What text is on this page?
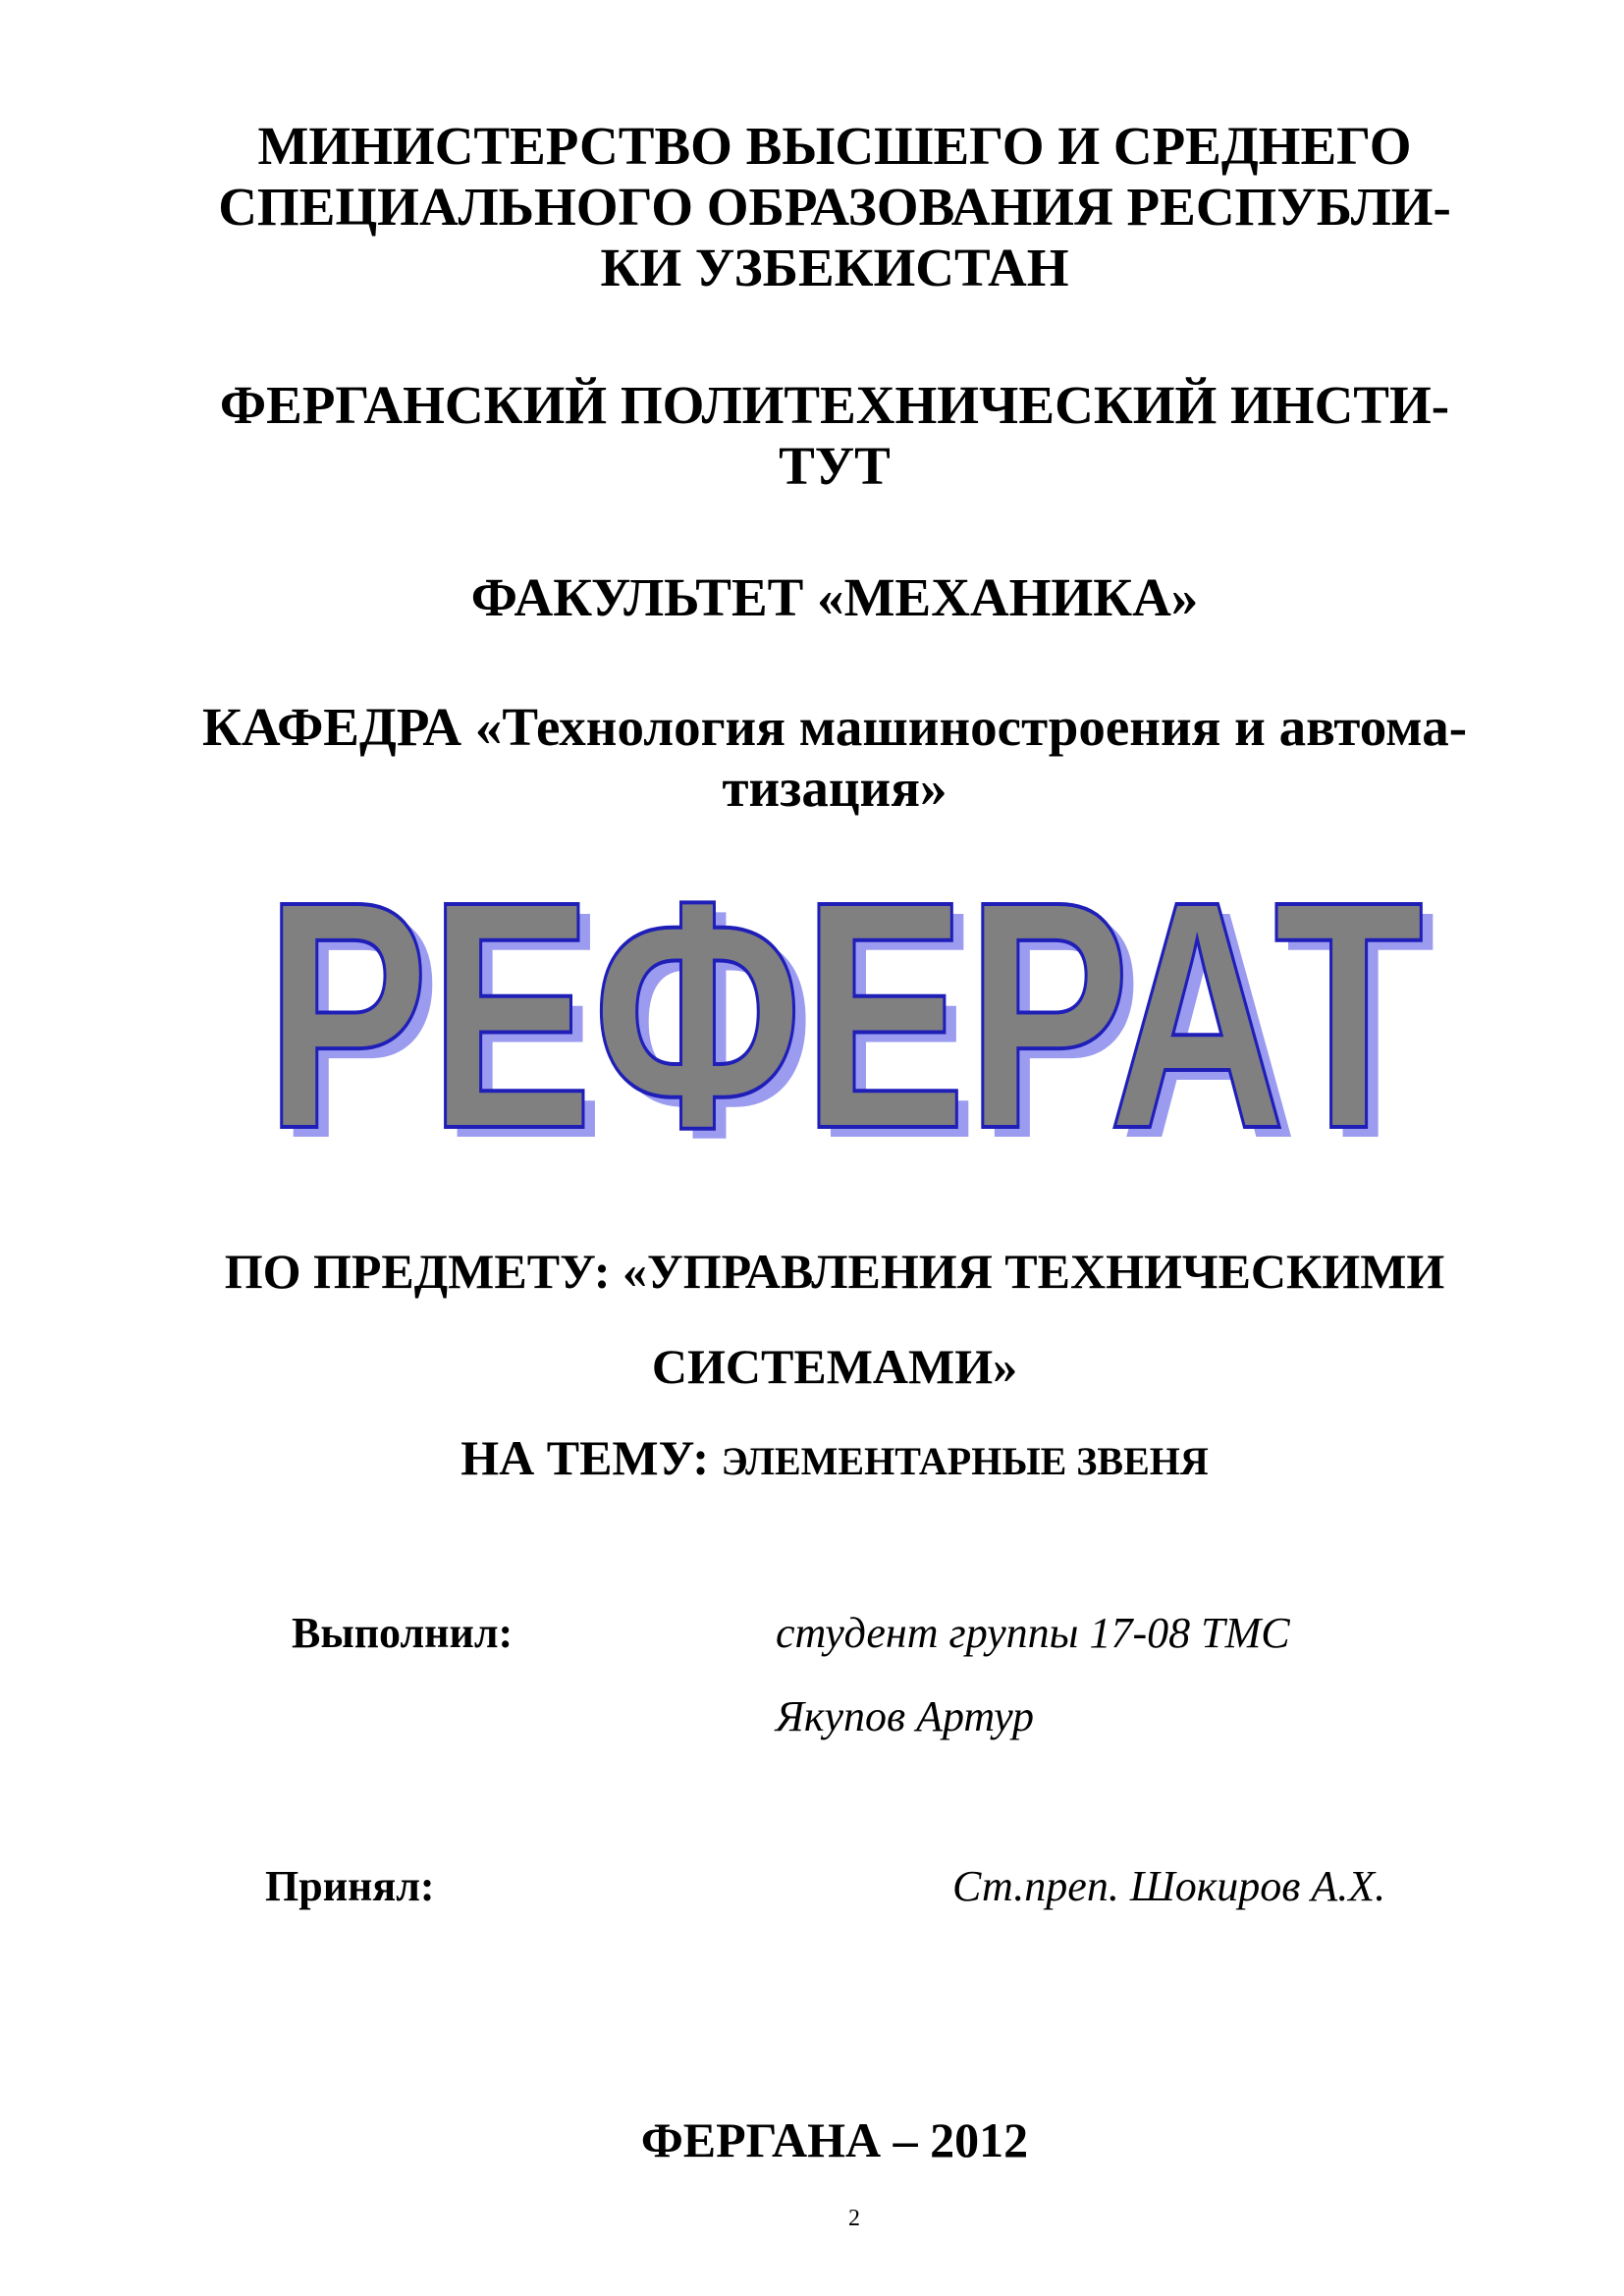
МИНИСТЕРСТВО ВЫСШЕГО И СРЕДНЕГО
СПЕЦИАЛЬНОГО ОБРАЗОВАНИЯ РЕСПУБЛИ-
КИ УЗБЕКИСТАН
ФЕРГАНСКИЙ ПОЛИТЕХНИЧЕСКИЙ ИНСТИ-
ТУТ
ФАКУЛЬТЕТ «МЕХАНИКА»
КАФЕДРА «Технология машиностроения и автома-
тизация»
РЕФЕРАТ
РЕФЕРАТ
ПО ПРЕДМЕТУ: «УПРАВЛЕНИЯ ТЕХНИЧЕСКИМИ
СИСТЕМАМИ»
НА ТЕМУ: ЭЛЕМЕНТАРНЫЕ ЗВЕНЯ
Выполнил:	студент группы 17-08 ТМС
Якупов Артур
Принял:	Ст.преп. Шокиров А.Х.
ФЕРГАНА – 2012
2
